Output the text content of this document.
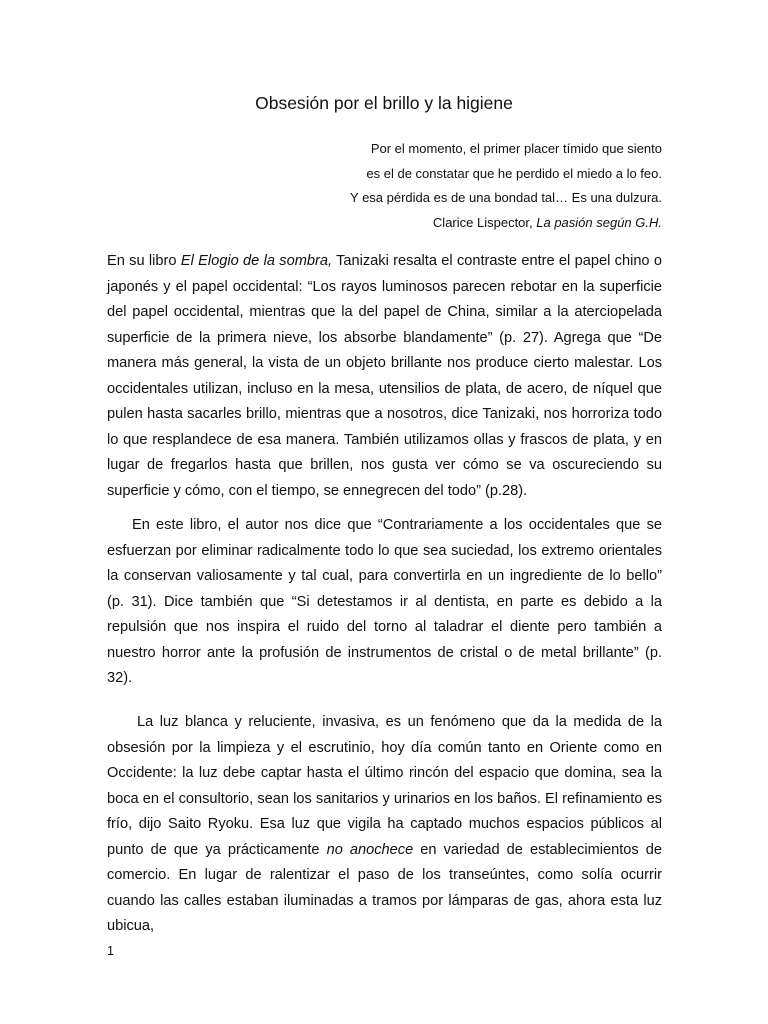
Obsesión por el brillo y la higiene
Por el momento, el primer placer tímido que siento
es el de constatar que he perdido el miedo a lo feo.
Y esa pérdida es de una bondad tal… Es una dulzura.
Clarice Lispector, La pasión según G.H.

En su libro El Elogio de la sombra, Tanizaki resalta el contraste entre el papel chino o japonés y el papel occidental: “Los rayos luminosos parecen rebotar en la superficie del papel occidental, mientras que la del papel de China, similar a la aterciopelada superficie de la primera nieve, los absorbe blandamente” (p. 27). Agrega que “De manera más general, la vista de un objeto brillante nos produce cierto malestar. Los occidentales utilizan, incluso en la mesa, utensilios de plata, de acero, de níquel que pulen hasta sacarles brillo, mientras que a nosotros, dice Tanizaki, nos horroriza todo lo que resplandece de esa manera. También utilizamos ollas y frascos de plata, y en lugar de fregarlos hasta que brillen, nos gusta ver cómo se va oscureciendo su superficie y cómo, con el tiempo, se ennegrecen del todo” (p.28).

En este libro, el autor nos dice que “Contrariamente a los occidentales que se esfuerzan por eliminar radicalmente todo lo que sea suciedad, los extremo orientales la conservan valiosamente y tal cual, para convertirla en un ingrediente de lo bello” (p. 31). Dice también que “Si detestamos ir al dentista, en parte es debido a la repulsión que nos inspira el ruido del torno al taladrar el diente pero también a nuestro horror ante la profusión de instrumentos de cristal o de metal brillante” (p. 32).

La luz blanca y reluciente, invasiva, es un fenómeno que da la medida de la obsesión por la limpieza y el escrutinio, hoy día común tanto en Oriente como en Occidente: la luz debe captar hasta el último rincón del espacio que domina, sea la boca en el consultorio, sean los sanitarios y urinarios en los baños. El refinamiento es frío, dijo Saito Ryoku. Esa luz que vigila ha captado muchos espacios públicos al punto de que ya prácticamente no anochece en variedad de establecimientos de comercio. En lugar de ralentizar el paso de los transeúntes, como solía ocurrir cuando las calles estaban iluminadas a tramos por lámparas de gas, ahora esta luz ubicua,

1
